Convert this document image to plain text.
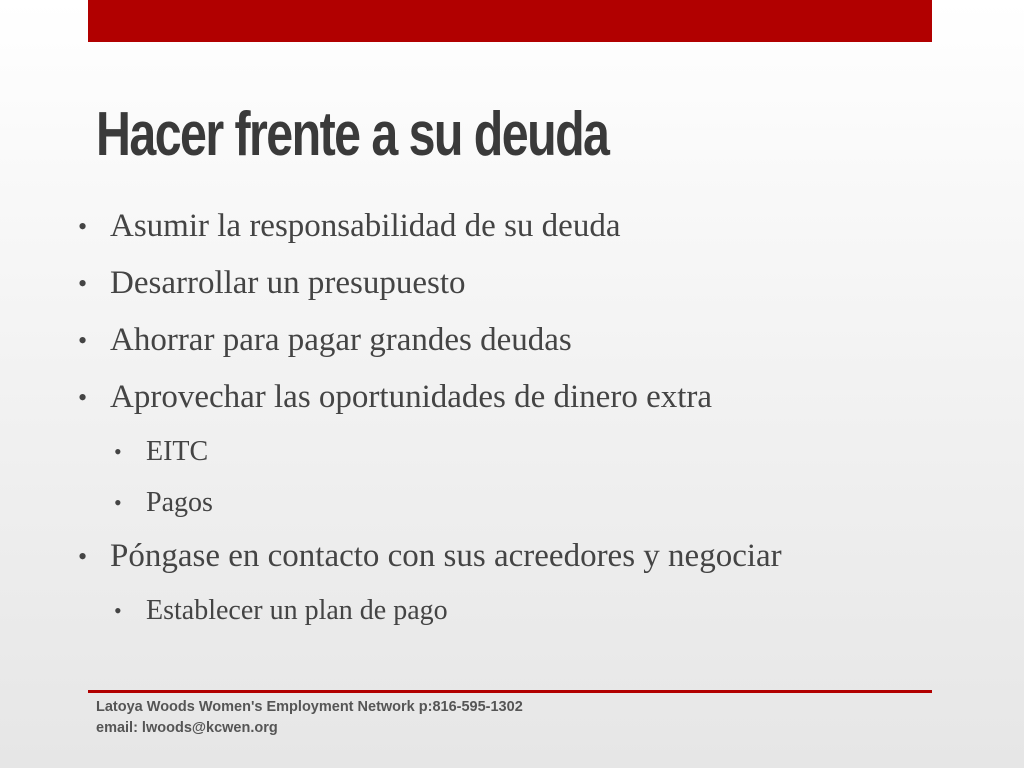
Hacer frente a su deuda
• Asumir la responsabilidad de su deuda
• Desarrollar un presupuesto
• Ahorrar para pagar grandes deudas
• Aprovechar las oportunidades de dinero extra
• EITC
• Pagos
• Póngase en contacto con sus acreedores y negociar
• Establecer un plan de pago
Latoya Woods Women's Employment Network p:816-595-1302
email: lwoods@kcwen.org
